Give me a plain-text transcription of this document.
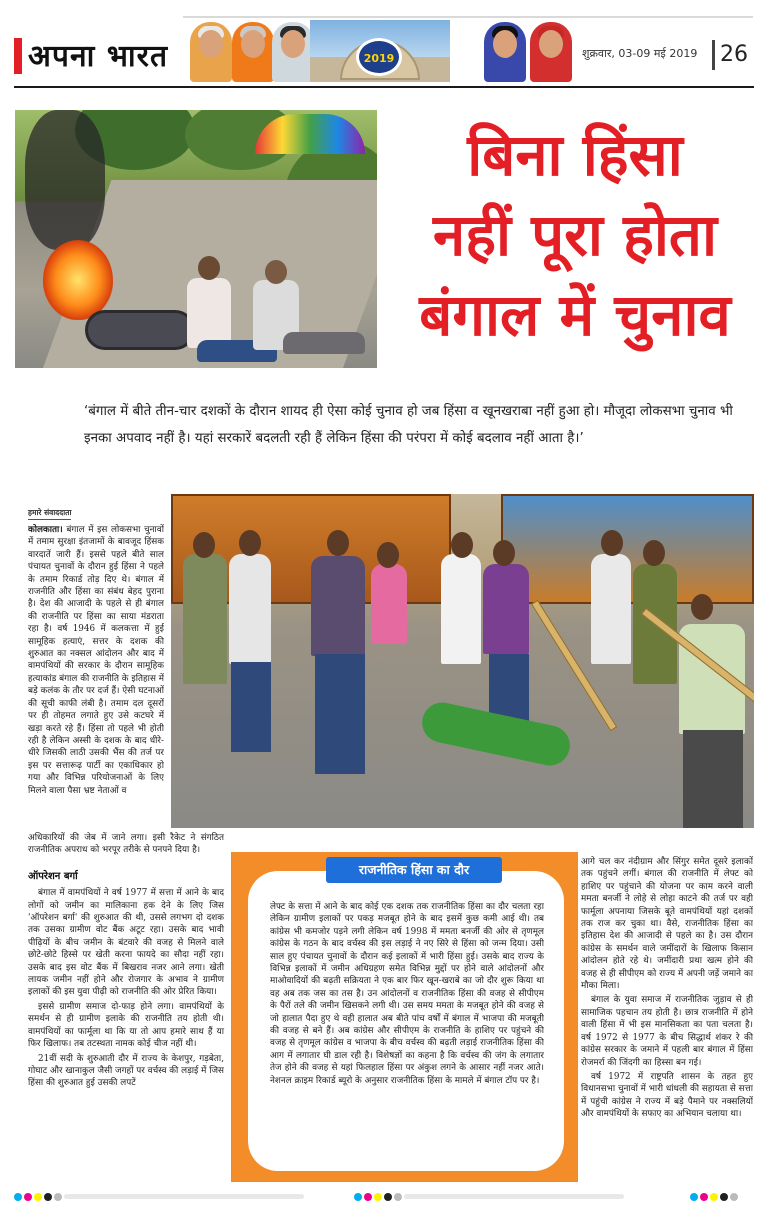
अपना भारत	2019	शुक्रवार, 03-09 मई 2019 26
बिना हिंसा
नहीं पूरा होता
बंगाल में चुनाव
‘बंगाल में बीते तीन-चार दशकों के दौरान शायद ही ऐसा कोई चुनाव हो जब हिंसा व खूनखराबा नहीं हुआ हो। मौजूदा लोकसभा चुनाव भी इनका अपवाद नहीं है। यहां सरकारें बदलती रही हैं लेकिन हिंसा की परंपरा में कोई बदलाव नहीं आता है।’
हमारे संवाददाता
कोलकाता। बंगाल में इस लोकसभा चुनावों में तमाम सुरक्षा इंतजामों के बावजूद हिंसक वारदातें जारी हैं। इससे पहले बीते साल पंचायत चुनावों के दौरान हुई हिंसा ने पहले के तमाम रिकार्ड तोड़ दिए थे। बंगाल में राजनीति और हिंसा का संबंध बेहद पुराना है। देश की आजादी के पहले से ही बंगाल की राजनीति पर हिंसा का साया मंडराता रहा है। वर्ष 1946 में कलकत्ता में हुई सामूहिक हत्याएं, सत्तर के दशक की शुरुआत का नक्सल आंदोलन और बाद में वामपंथियों की सरकार के दौरान सामूहिक हत्याकांड बंगाल की राजनीति के इतिहास में बड़े कलंक के तौर पर दर्ज हैं। ऐसी घटनाओं की सूची काफी लंबी है। तमाम दल दूसरों पर ही तोहमत लगाते हुए उसे कटघरे में खड़ा करते रहे हैं। हिंसा तो पहले भी होती रही है लेकिन अस्सी के दशक के बाद धीरे-धीरे जिसकी लाठी उसकी भैंस की तर्ज पर इस पर सत्तारूढ़ पार्टी का एकाधिकार हो गया और विभिन्न परियोजनाओं के लिए मिलने वाला पैसा भ्रष्ट नेताओं व

अधिकारियों की जेब में जाने लगा। इसी रैकेट ने संगठित राजनीतिक अपराध को भरपूर तरीके से पनपने दिया है।

ऑपरेशन बर्गा

बंगाल में वामपंथियों ने वर्ष 1977 में सत्ता में आने के बाद लोगों को जमीन का मालिकाना हक देने के लिए जिस 'ऑपरेशन बर्गा' की शुरुआत की थी, उससे लगभग दो दशक तक उसका ग्रामीण वोट बैंक अटूट रहा। उसके बाद भावी पीढ़ियों के बीच जमीन के बंटवारे की वजह से मिलने वाले छोटे-छोटे हिस्से पर खेती करना फायदे का सौदा नहीं रहा। उसके बाद इस वोट बैंक में बिखराव नजर आने लगा। खेती लायक जमीन नहीं होने और रोजगार के अभाव ने ग्रामीण इलाकों की इस युवा पीढ़ी को राजनीति की ओर प्रेरित किया।

इससे ग्रामीण समाज दो-फाड़ होने लगा। वामपंथियों के समर्थन से ही ग्रामीण इलाके की राजनीति तय होती थी। वामपंथियों का फार्मूला था कि या तो आप हमारे साथ हैं या फिर खिलाफ। तब तटस्थता नामक कोई चीज नहीं थी।

21वीं सदी के शुरुआती दौर में राज्य के केशपुर, गड़बेता, गोघाट और खानाकुल जैसी जगहों पर वर्चस्व की लड़ाई में जिस हिंसा की शुरुआत हुई उसकी लपटें

राजनीतिक हिंसा का दौर
लेफ्ट के सत्ता में आने के बाद कोई एक दशक तक राजनीतिक हिंसा का दौर चलता रहा लेकिन ग्रामीण इलाकों पर पकड़ मजबूत होने के बाद इसमें कुछ कमी आई थी। तब कांग्रेस भी कमजोर पड़ने लगी लेकिन वर्ष 1998 में ममता बनर्जी की ओर से तृणमूल कांग्रेस के गठन के बाद वर्चस्व की इस लड़ाई ने नए सिरे से हिंसा को जन्म दिया। उसी साल हुए पंचायत चुनावों के दौरान कई इलाकों में भारी हिंसा हुई। उसके बाद राज्य के विभिन्न इलाकों में जमीन अधिग्रहण समेत विभिन्न मुद्दों पर होने वाले आंदोलनों और माओवादियों की बढ़ती सक्रियता ने एक बार फिर खून-खराबे का जो दौर शुरू किया था वह अब तक जस का तस है। उन आंदोलनों व राजनीतिक हिंसा की वजह से सीपीएम के पैरों तले की जमीन खिसकने लगी थी। उस समय ममता के मजबूत होने की वजह से जो हालात पैदा हुए थे वही हालात अब बीते पांच वर्षों में बंगाल में भाजपा की मजबूती की वजह से बने हैं। अब कांग्रेस और सीपीएम के राजनीति के हाशिए पर पहुंचने की वजह से तृणमूल कांग्रेस व भाजपा के बीच वर्चस्व की बढ़ती लड़ाई राजनीतिक हिंसा की आग में लगातार घी डाल रही है। विशेषज्ञों का कहना है कि वर्चस्व की जंग के लगातार तेज होने की वजह से यहां फिलहाल हिंसा पर अंकुश लगने के आसार नहीं नजर आते। नेशनल क्राइम रिकार्ड ब्यूरो के अनुसार राजनीतिक हिंसा के मामले में बंगाल टॉप पर है।

आगे चल कर नंदीग्राम और सिंगुर समेत दूसरे इलाकों तक पहुंचने लगीं। बंगाल की राजनीति में लेफ्ट को हाशिए पर पहुंचाने की योजना पर काम करने वाली ममता बनर्जी ने लोहे से लोहा काटने की तर्ज पर वही फार्मूला अपनाया जिसके बूते वामपंथियों यहां दशकों तक राज कर चुका था। वैसे, राजनीतिक हिंसा का इतिहास देश की आजादी से पहले का है। उस दौरान कांग्रेस के समर्थन वाले जमींदारों के खिलाफ किसान आंदोलन होते रहे थे। जमींदारी प्रथा खत्म होने की वजह से ही सीपीएम को राज्य में अपनी जड़ें जमाने का मौका मिला।

बंगाल के युवा समाज में राजनीतिक जुड़ाव से ही सामाजिक पहचान तय होती है। छात्र राजनीति में होने वाली हिंसा में भी इस मानसिकता का पता चलता है। वर्ष 1972 से 1977 के बीच सिद्धार्थ शंकर रे की कांग्रेस सरकार के जमाने में पहली बार बंगाल में हिंसा रोजमर्रा की जिंदगी का हिस्सा बन गई।

वर्ष 1972 में राष्ट्रपति शासन के तहत हुए विधानसभा चुनावों में भारी धांधली की सहायता से सत्ता में पहुंची कांग्रेस ने राज्य में बड़े पैमाने पर नक्सलियों और वामपंथियों के सफाए का अभियान चलाया था।
